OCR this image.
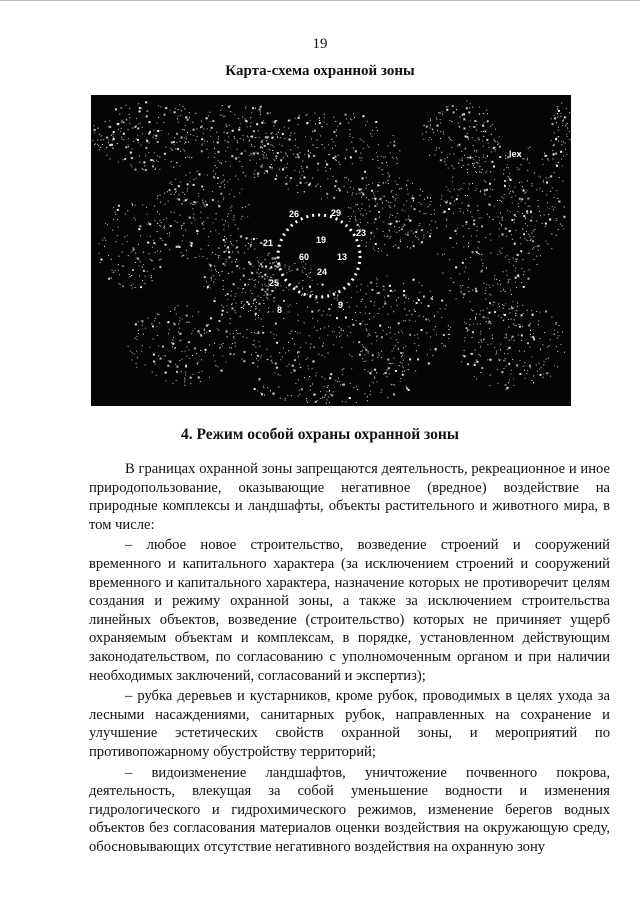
19
Карта-схема охранной зоны
lex
26	29
21
23
19
60	13
24
25
9
8
4. Режим особой охраны охранной зоны

В границах охранной зоны запрещаются деятельность, рекреационное и иное природопользование, оказывающие негативное (вредное) воздействие на природные комплексы и ландшафты, объекты растительного и животного мира, в том числе:

– любое новое строительство, возведение строений и сооружений временного и капитального характера (за исключением строений и сооружений временного и капитального характера, назначение которых не противоречит целям создания и режиму охранной зоны, а также за исключением строительства линейных объектов, возведение (строительство) которых не причиняет ущерб охраняемым объектам и комплексам, в порядке, установленном действующим законодательством, по согласованию с уполномоченным органом и при наличии необходимых заключений, согласований и экспертиз);

– рубка деревьев и кустарников, кроме рубок, проводимых в целях ухода за лесными насаждениями, санитарных рубок, направленных на сохранение и улучшение эстетических свойств охранной зоны, и мероприятий по противопожарному обустройству территорий;

– видоизменение ландшафтов, уничтожение почвенного покрова, деятельность, влекущая за собой уменьшение водности и изменения гидрологического и гидрохимического режимов, изменение берегов водных объектов без согласования материалов оценки воздействия на окружающую среду, обосновывающих отсутствие негативного воздействия на охранную зону
